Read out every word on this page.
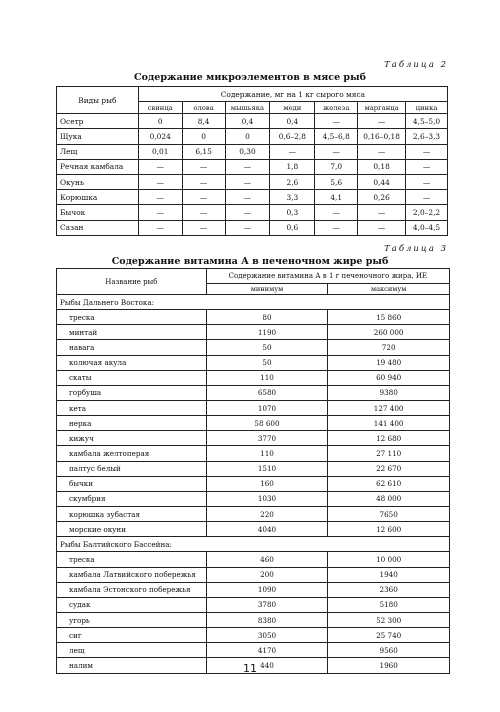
Таблица 2
Содержание микроэлементов в мясе рыб
Виды рыб	Содержание, мг на 1 кг сырого мяса						
	свинца	олова	мышьяка	меди	железа	марганца	цинка
Осетр	0	8,4	0,4	0,4	—	—	4,5–5,0
Щука	0,024	0	0	0,6–2,8	4,5–6,8	0,16–0,18	2,6–3,3
Лещ	0,01	6,15	0,30	—	—	—	—
Речная камбала	—	—	—	1,8	7,0	0,18	—
Окунь	—	—	—	2,6	5,6	0,44	—
Корюшка	—	—	—	3,3	4,1	0,26	—
Бычок	—	—	—	0,3	—	—	2,0–2,2
Сазан	—	—	—	0,6	—	—	4,0–4,5
Таблица 3
Содержание витамина А в печеночном жире рыб
Название рыб	Содержание витамина А в 1 г печеночного жира, ИЕ	
	минимум	максимум
Рыбы Дальнего Востока:		
треска	80	15 860
минтай	1190	260 000
навага	50	720
колючая акула	50	19 480
скаты	110	60 940
горбуша	6580	9380
кета	1070	127 400
нерка	58 600	141 400
кижуч	3770	12 680
камбала желтоперая	110	27 110
палтус белый	1510	22 670
бычки	160	62 610
скумбрия	1030	48 000
корюшка зубастая	220	7650
морские окуни	4040	12 600
Рыбы Балтийского Бассейна:		
треска	460	10 000
камбала Латвийского побережья	200	1940
камбала Эстонского побережья	1090	2360
судак	3780	5180
угорь	8380	52 300
сиг	3050	25 740
лещ	4170	9560
налим	440	1960
11
